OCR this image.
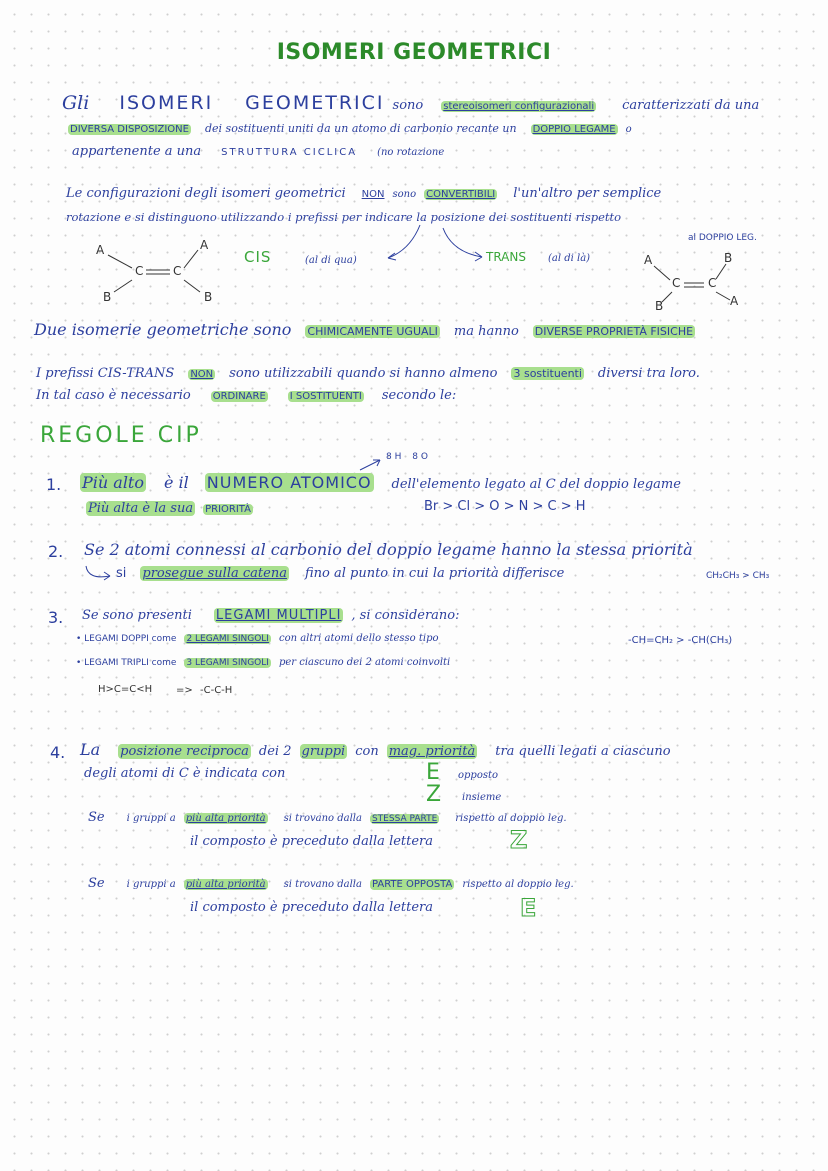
ISOMERI GEOMETRICI
Gli ISOMERI GEOMETRICI sono stereoisomeri configurazionali caratterizzati da una
DIVERSA DISPOSIZIONE dei sostituenti uniti da un atomo di carbonio recante un DOPPIO LEGAME o
appartenente a una STRUTTURA CICLICA (no rotazione
Le configurazioni degli isomeri geometrici NON sono CONVERTIBILI l'un'altro per semplice
rotazione e si distinguono utilizzando i prefissi per indicare la posizione dei sostituenti rispetto
al DOPPIO LEG.
A	A
C C
B	B
CIS	(al di qua)	TRANS (al di là)	A	B
C C
B	A
Due isomerie geometriche sono CHIMICAMENTE UGUALI ma hanno DIVERSE PROPRIETÀ FISICHE
I prefissi CIS-TRANS NON sono utilizzabili quando si hanno almeno 3 sostituenti diversi tra loro.
In tal caso è necessario ORDINARE I SOSTITUENTI secondo le:
REGOLE CIP
1. Più alto è il NUMERO ATOMICO dell'elemento legato al C del doppio legame
Più alta è la sua PRIORITÀ	Br > Cl > O > N > C > H
8 H 8 O
2. Se 2 atomi connessi al carbonio del doppio legame hanno la stessa priorità
si prosegue sulla catena fino al punto in cui la priorità differisce	CH₂CH₃ > CH₃
3. Se sono presenti LEGAMI MULTIPLI , si considerano:
• LEGAMI DOPPI come 2 LEGAMI SINGOLI con altri atomi dello stesso tipo	-CH=CH₂ > -CH(CH₃)
• LEGAMI TRIPLI come 3 LEGAMI SINGOLI per ciascuno dei 2 atomi coinvolti
H>C=C<H => -C-C-H
4. La posizione reciproca dei 2 gruppi con mag. priorità tra quelli legati a ciascuno
degli atomi di C è indicata con	E opposto
Z insieme
Se i gruppi a più alta priorità si trovano dalla STESSA PARTE rispetto al doppio leg.
il composto è preceduto dalla lettera	Z
Se i gruppi a più alta priorità si trovano dalla PARTE OPPOSTA rispetto al doppio leg.
il composto è preceduto dalla lettera	E
